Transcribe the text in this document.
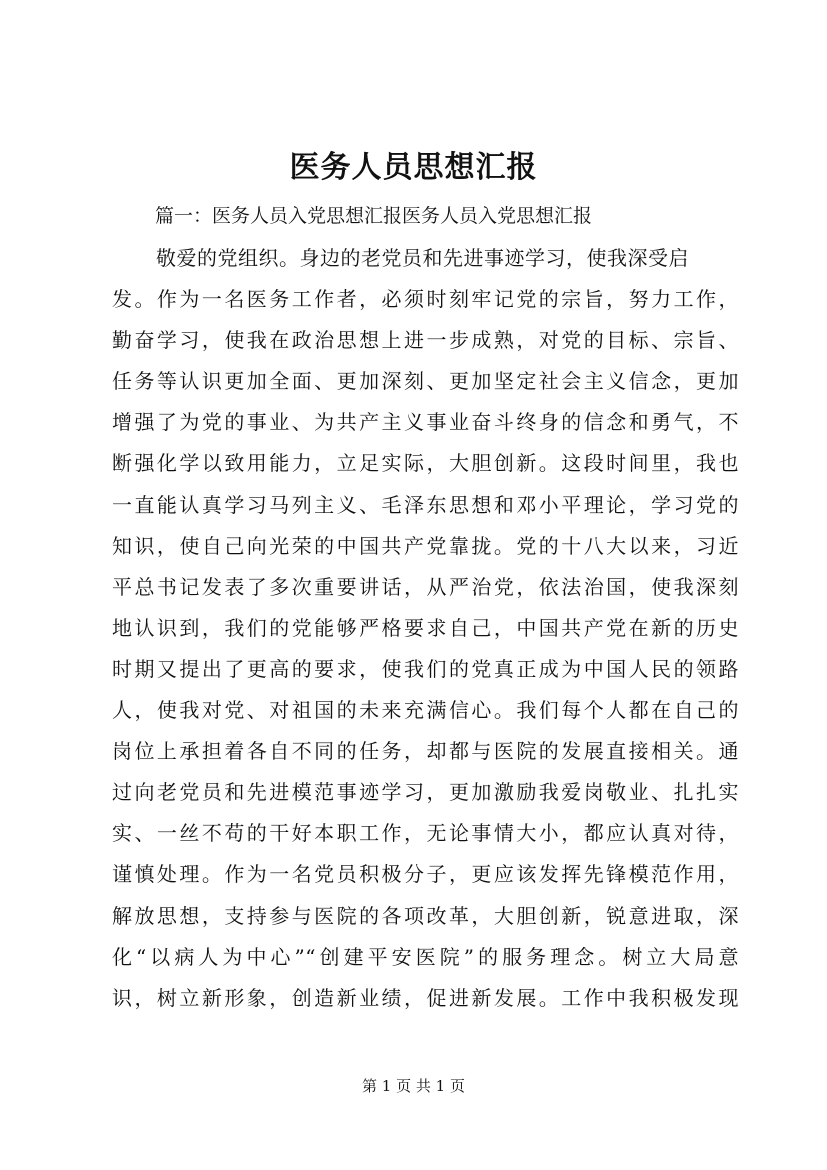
医务人员思想汇报

篇一：医务人员入党思想汇报医务人员入党思想汇报

敬爱的党组织。身边的老党员和先进事迹学习，使我深受启
发。作为一名医务工作者，必须时刻牢记党的宗旨，努力工作，
勤奋学习，使我在政治思想上进一步成熟，对党的目标、宗旨、
任务等认识更加全面、更加深刻、更加坚定社会主义信念，更加
增强了为党的事业、为共产主义事业奋斗终身的信念和勇气，不
断强化学以致用能力，立足实际，大胆创新。这段时间里，我也
一直能认真学习马列主义、毛泽东思想和邓小平理论，学习党的
知识，使自己向光荣的中国共产党靠拢。党的十八大以来，习近
平总书记发表了多次重要讲话，从严治党，依法治国，使我深刻
地认识到，我们的党能够严格要求自己，中国共产党在新的历史
时期又提出了更高的要求，使我们的党真正成为中国人民的领路
人，使我对党、对祖国的未来充满信心。我们每个人都在自己的
岗位上承担着各自不同的任务，却都与医院的发展直接相关。通
过向老党员和先进模范事迹学习，更加激励我爱岗敬业、扎扎实
实、一丝不苟的干好本职工作，无论事情大小，都应认真对待，
谨慎处理。作为一名党员积极分子，更应该发挥先锋模范作用，
解放思想，支持参与医院的各项改革，大胆创新，锐意进取，深
化“以病人为中心”“创建平安医院”的服务理念。树立大局意
识，树立新形象，创造新业绩，促进新发展。工作中我积极发现
第 1 页 共 1 页
